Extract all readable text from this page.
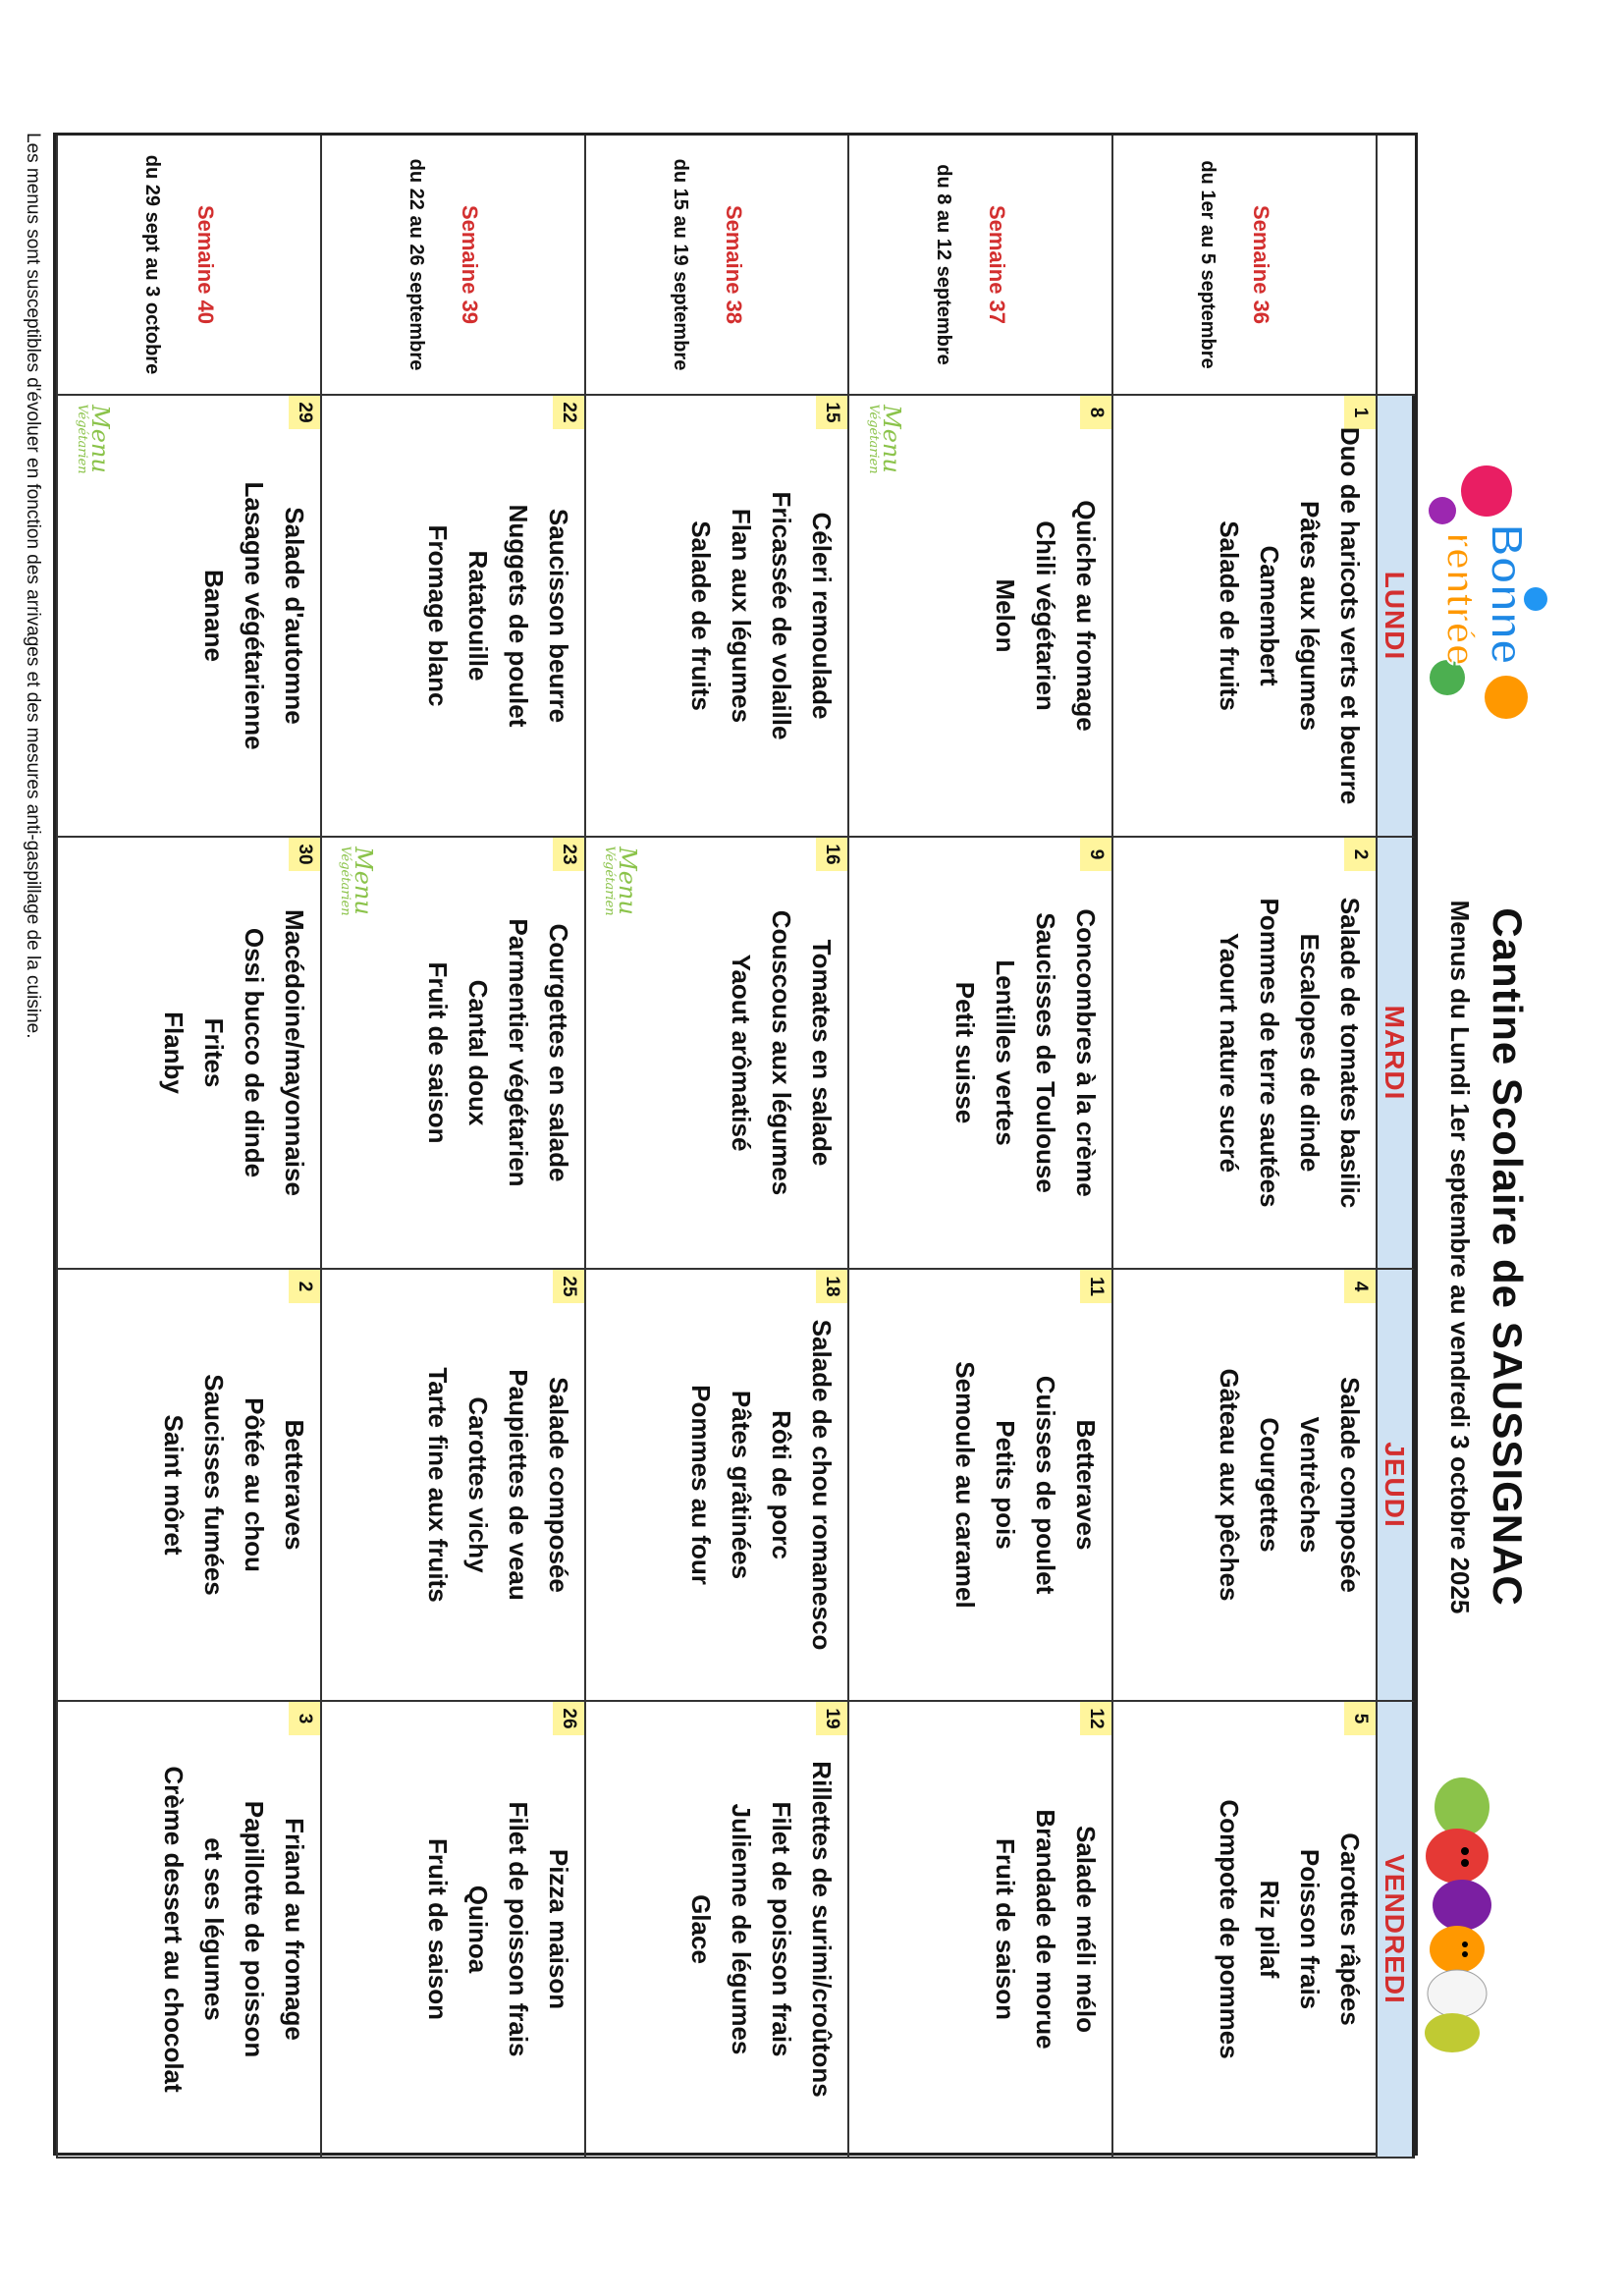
Bonne
rentrée
Cantine Scolaire de SAUSSIGNAC
Menus du Lundi 1er septembre au vendredi 3 octobre 2025
LUNDI
MARDI
JEUDI
VENDREDI
Semaine 36
du 1er au 5 septembre
1
Duo de haricots verts et beurre
Pâtes aux légumes
Camembert
Salade de fruits
2
Salade de tomates basilic
Escalopes de dinde
Pommes de terre sautées
Yaourt nature sucré
4
Salade composée
Ventrèches
Courgettes
Gâteau aux pêches
5
Carottes râpées
Poisson frais
Riz pilaf
Compote de pommes
Semaine 37
du 8 au 12 septembre
8
Quiche au fromage
Chili végétarien
Melon
Menu
Végétarien
9
Concombres à la crème
Saucisses de Toulouse
Lentilles vertes
Petit suisse
11
Betteraves
Cuisses de poulet
Petits pois
Semoule au caramel
12
Salade méli mélo
Brandade de morue
Fruit de saison
Semaine 38
du 15 au 19 septembre
15
Céleri remoulade
Fricassée de volaille
Flan aux légumes
Salade de fruits
16
Tomates en salade
Couscous aux légumes
Yaout arômatisé
Menu
Végétarien
18
Salade de chou romanesco
Rôti de porc
Pâtes grâtinées
Pommes au four
19
Rillettes de surimi/croûtons
Filet de poisson frais
Julienne de légumes
Glace
Semaine 39
du 22 au 26 septembre
22
Saucisson beurre
Nuggets de poulet
Ratatouille
Fromage blanc
23
Courgettes en salade
Parmentier végétarien
Cantal doux
Fruit de saison
Menu
Végétarien
25
Salade composée
Paupiettes de veau
Carottes vichy
Tarte fine aux fruits
26
Pizza maison
Filet de poisson frais
Quinoa
Fruit de saison
Semaine 40
du 29 sept au 3 octobre
29
Salade d'automne
Lasagne végétarienne
Banane
Menu
Végétarien
30
Macédoine/mayonnaise
Ossi bucco de dinde
Frites
Flanby
2
Betteraves
Pôtée au chou
Saucisses fumées
Saint môret
3
Friand au fromage
Papillotte de poisson
et ses légumes
Crème dessert au chocolat
Les menus sont susceptibles d'évoluer en fonction des arrivages et des mesures anti-gaspillage de la cuisine.
